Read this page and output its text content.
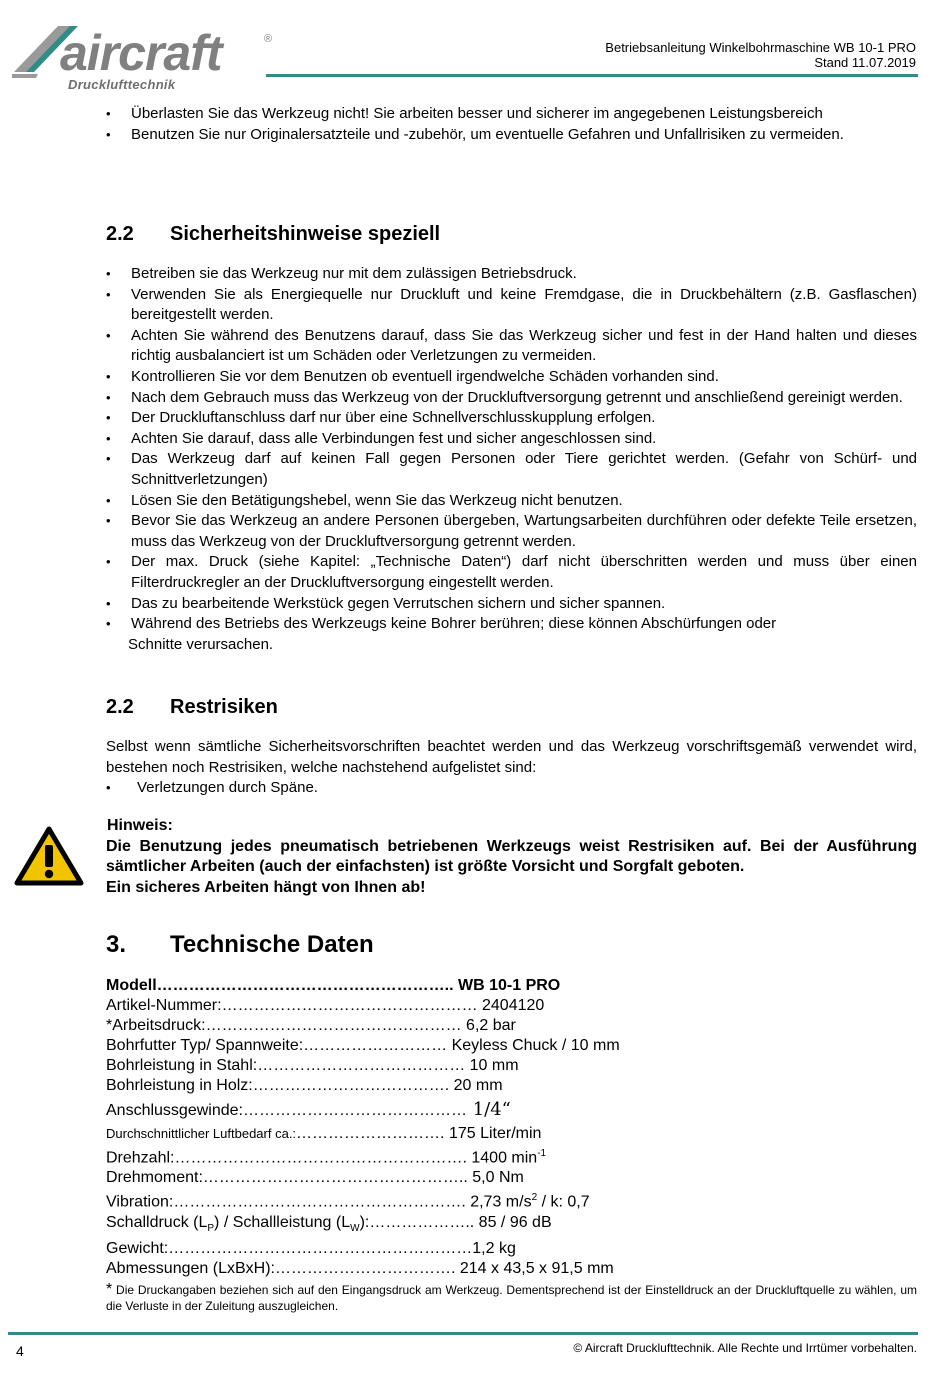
aircraft	®
Drucklufttechnik
Betriebsanleitung Winkelbohrmaschine WB 10-1 PRO
Stand 11.07.2019
• Überlasten Sie das Werkzeug nicht! Sie arbeiten besser und sicherer im angegebenen Leistungsbereich
• Benutzen Sie nur Originalersatzteile und -zubehör, um eventuelle Gefahren und Unfallrisiken zu vermeiden.
2.2 Sicherheitshinweise speziell
• Betreiben sie das Werkzeug nur mit dem zulässigen Betriebsdruck.
• Verwenden Sie als Energiequelle nur Druckluft und keine Fremdgase, die in Druckbehältern (z.B. Gasflaschen) bereitgestellt werden.
• Achten Sie während des Benutzens darauf, dass Sie das Werkzeug sicher und fest in der Hand halten und dieses richtig ausbalanciert ist um Schäden oder Verletzungen zu vermeiden.
• Kontrollieren Sie vor dem Benutzen ob eventuell irgendwelche Schäden vorhanden sind.
• Nach dem Gebrauch muss das Werkzeug von der Druckluftversorgung getrennt und anschließend gereinigt werden.
• Der Druckluftanschluss darf nur über eine Schnellverschlusskupplung erfolgen.
• Achten Sie darauf, dass alle Verbindungen fest und sicher angeschlossen sind.
• Das Werkzeug darf auf keinen Fall gegen Personen oder Tiere gerichtet werden. (Gefahr von Schürf- und Schnittverletzungen)
• Lösen Sie den Betätigungshebel, wenn Sie das Werkzeug nicht benutzen.
• Bevor Sie das Werkzeug an andere Personen übergeben, Wartungsarbeiten durchführen oder defekte Teile ersetzen, muss das Werkzeug von der Druckluftversorgung getrennt werden.
• Der max. Druck (siehe Kapitel: „Technische Daten“) darf nicht überschritten werden und muss über einen Filterdruckregler an der Druckluftversorgung eingestellt werden.
• Das zu bearbeitende Werkstück gegen Verrutschen sichern und sicher spannen.
• Während des Betriebs des Werkzeugs keine Bohrer berühren; diese können Abschürfungen oder
Schnitte verursachen.
2.2 Restrisiken

Selbst wenn sämtliche Sicherheitsvorschriften beachtet werden und das Werkzeug vorschriftsgemäß verwendet wird, bestehen noch Restrisiken, welche nachstehend aufgelistet sind:

• Verletzungen durch Späne.
Hinweis:
Die Benutzung jedes pneumatisch betriebenen Werkzeugs weist Restrisiken auf. Bei der Ausführung sämtlicher Arbeiten (auch der einfachsten) ist größte Vorsicht und Sorgfalt geboten.
Ein sicheres Arbeiten hängt von Ihnen ab!
3. Technische Daten
Modell……………………………………………….. WB 10-1 PRO
Artikel-Nummer:………………………………………… 2404120
*Arbeitsdruck:………………………………………… 6,2 bar
Bohrfutter Typ/ Spannweite:……………………… Keyless Chuck / 10 mm
Bohrleistung in Stahl:………………………………… 10 mm
Bohrleistung in Holz:………………………………. 20 mm
Anschlussgewinde:…………………………………… 1/4“
Durchschnittlicher Luftbedarf ca.:………………………. 175 Liter/min
Drehzahl:………………………………………………. 1400 $\min^{-1}$
Drehmoment:………………………………………….. 5,0 Nm
Vibration:………………………………………………. 2,73 $m/s^2$ / k: 0,7
Schalldruck $(L_P)$ / Schallleistung $(L_W):\dots\dots\dots\dots\dots\dots$.. 85 / 96 dB
Gewicht:…………………………………………………1,2 kg
Abmessungen (LxBxH):……………………………. 214 x 43,5 x 91,5 mm
* Die Druckangaben beziehen sich auf den Eingangsdruck am Werkzeug. Dementsprechend ist der Einstelldruck an der Druckluftquelle zu wählen, um die Verluste in der Zuleitung auszugleichen.
4	© Aircraft Drucklufttechnik. Alle Rechte und Irrtümer vorbehalten.
